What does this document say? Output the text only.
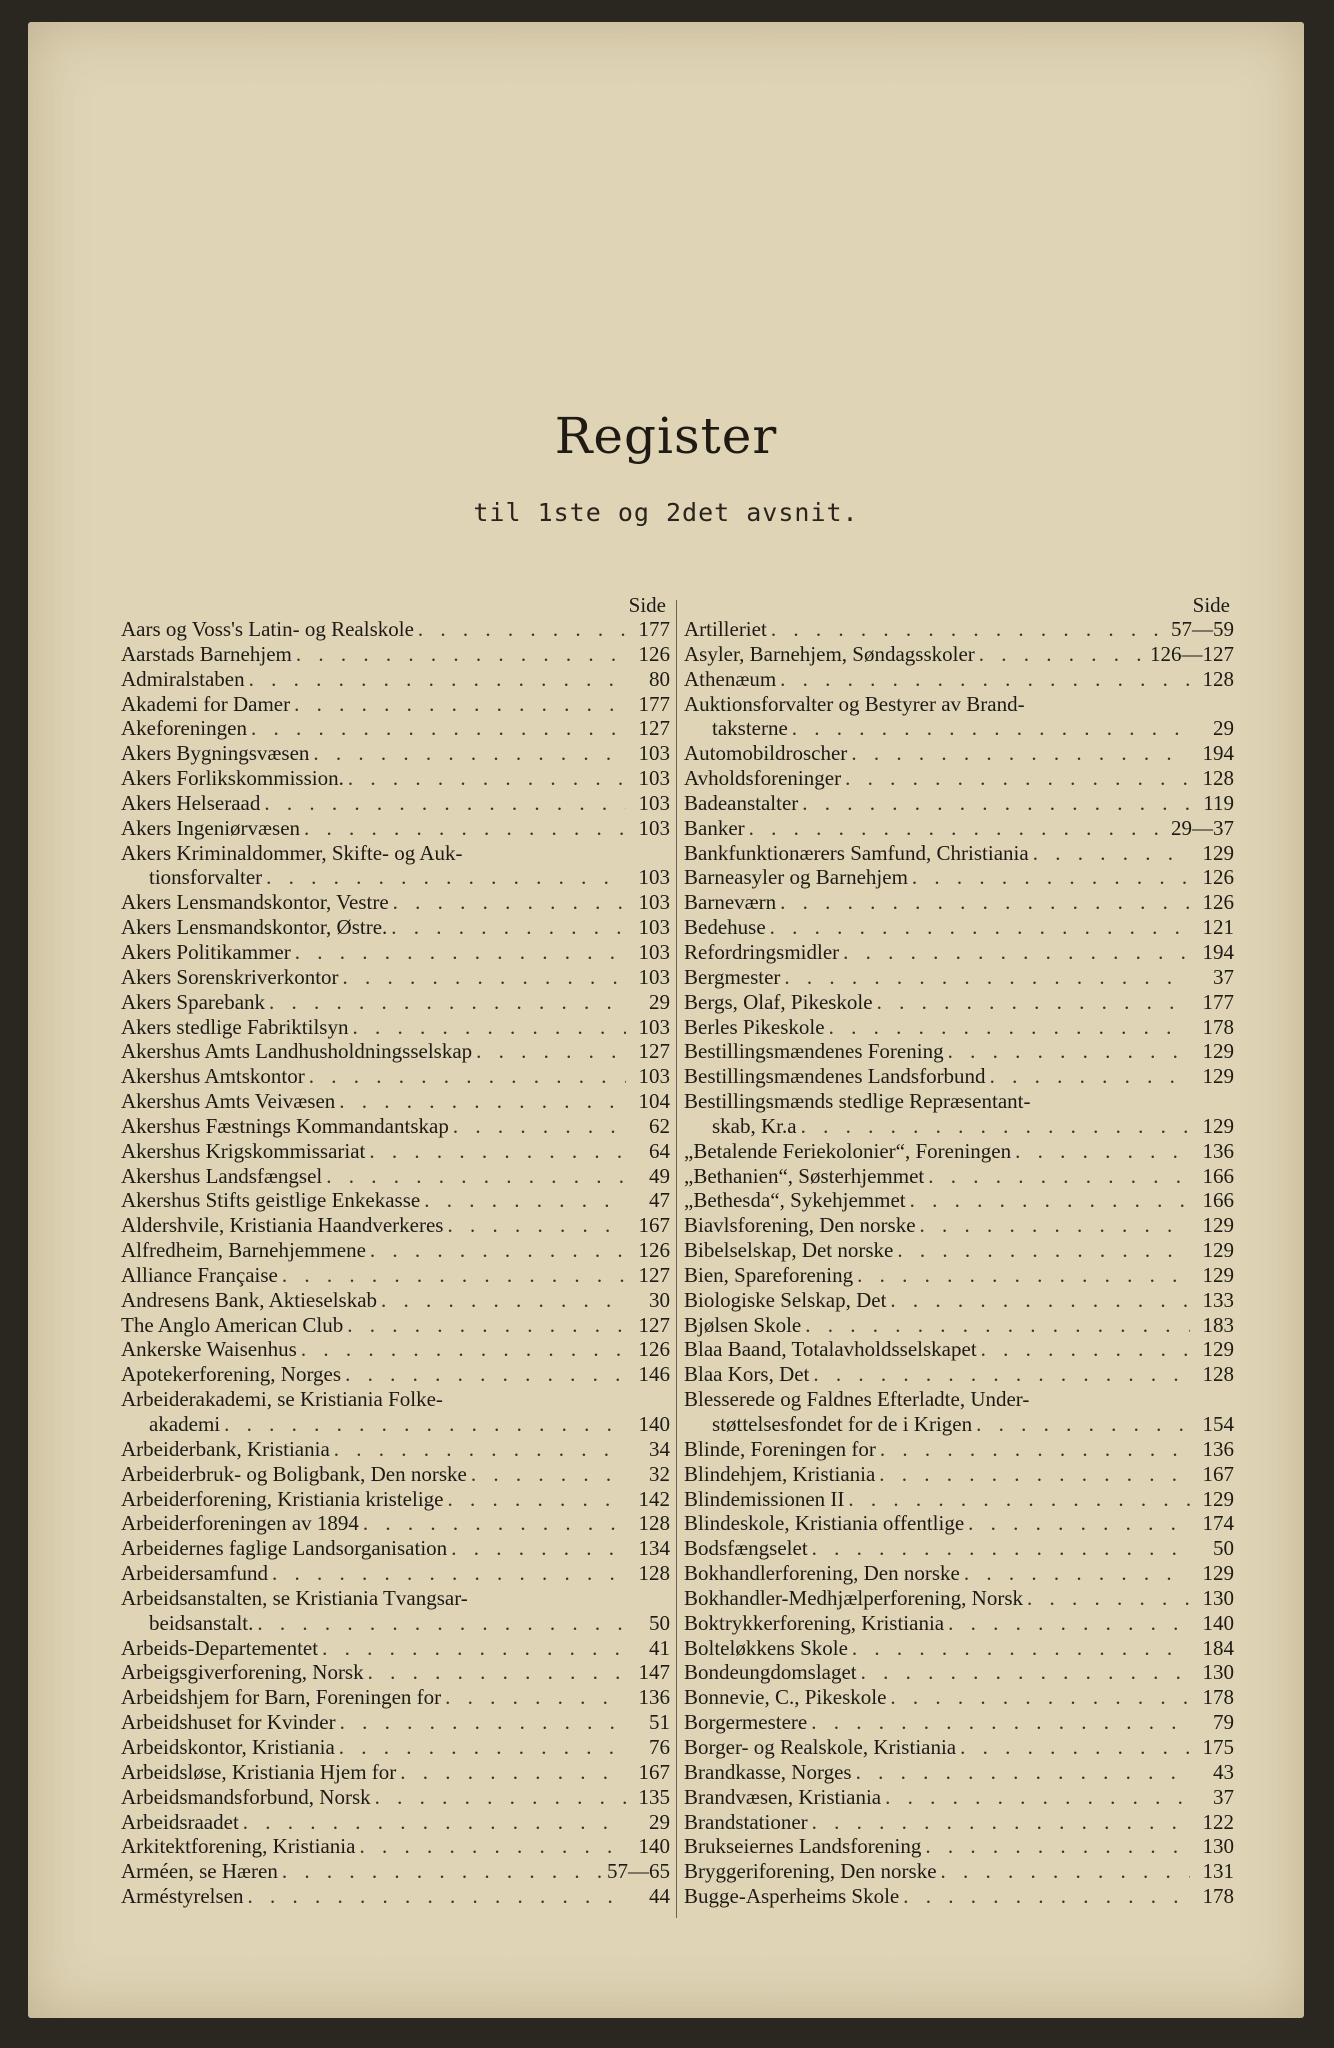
Register
til 1ste og 2det avsnit.
Side
Aars og Voss's Latin- og Realskole . . .	177
Aarstads Barnehjem . . .	126
Admiralstaben . . .	80
Akademi for Damer . . .	177
Akeforeningen . . .	127
Akers Bygningsvæsen . . .	103
Akers Forlikskommission. . . .	103
Akers Helseraad . . .	103
Akers Ingeniørvæsen . . .	103
Akers Kriminaldommer, Skifte- og Auk-
tionsforvalter . . .	103
Akers Lensmandskontor, Vestre . . .	103
Akers Lensmandskontor, Østre. . . .	103
Akers Politikammer . . .	103
Akers Sorenskriverkontor . . .	103
Akers Sparebank . . .	29
Akers stedlige Fabriktilsyn . . .	103
Akershus Amts Landhusholdningsselskap . . .	127
Akershus Amtskontor . . .	103
Akershus Amts Veivæsen . . .	104
Akershus Fæstnings Kommandantskap . . .	62
Akershus Krigskommissariat . . .	64
Akershus Landsfængsel . . .	49
Akershus Stifts geistlige Enkekasse . . .	47
Aldershvile, Kristiania Haandverkeres . . .	167
Alfredheim, Barnehjemmene . . .	126
Alliance Française . . .	127
Andresens Bank, Aktieselskab . . .	30
The Anglo American Club . . .	127
Ankerske Waisenhus . . .	126
Apotekerforening, Norges . . .	146
Arbeiderakademi, se Kristiania Folke-
akademi . . .	140
Arbeiderbank, Kristiania . . .	34
Arbeiderbruk- og Boligbank, Den norske . . .	32
Arbeiderforening, Kristiania kristelige . . .	142
Arbeiderforeningen av 1894 . . .	128
Arbeidernes faglige Landsorganisation . . .	134
Arbeidersamfund . . .	128
Arbeidsanstalten, se Kristiania Tvangsar-
beidsanstalt. . . .	50
Arbeids-Departementet . . .	41
Arbeigsgiverforening, Norsk . . .	147
Arbeidshjem for Barn, Foreningen for . . .	136
Arbeidshuset for Kvinder . . .	51
Arbeidskontor, Kristiania . . .	76
Arbeidsløse, Kristiania Hjem for . . .	167
Arbeidsmandsforbund, Norsk . . .	135
Arbeidsraadet . . .	29
Arkitektforening, Kristiania . . .	140
Arméen, se Hæren . . .	57—65
Arméstyrelsen . . .	44
Side
Artilleriet . . .	57—59
Asyler, Barnehjem, Søndagsskoler . . .	126—127
Athenæum . . .	128
Auktionsforvalter og Bestyrer av Brand-
taksterne . . .	29
Automobildroscher . . .	194
Avholdsforeninger . . .	128
Badeanstalter . . .	119
Banker . . .	29—37
Bankfunktionærers Samfund, Christiania . . .	129
Barneasyler og Barnehjem . . .	126
Barneværn . . .	126
Bedehuse . . .	121
Refordringsmidler . . .	194
Bergmester . . .	37
Bergs, Olaf, Pikeskole . . .	177
Berles Pikeskole . . .	178
Bestillingsmændenes Forening . . .	129
Bestillingsmændenes Landsforbund . . .	129
Bestillingsmænds stedlige Repræsentant-
skab, Kr.a . . .	129
„Betalende Feriekolonier“, Foreningen . . .	136
„Bethanien“, Søsterhjemmet . . .	166
„Bethesda“, Sykehjemmet . . .	166
Biavlsforening, Den norske . . .	129
Bibelselskap, Det norske . . .	129
Bien, Spareforening . . .	129
Biologiske Selskap, Det . . .	133
Bjølsen Skole . . .	183
Blaa Baand, Totalavholdsselskapet . . .	129
Blaa Kors, Det . . .	128
Blesserede og Faldnes Efterladte, Under-
støttelsesfondet for de i Krigen . . .	154
Blinde, Foreningen for . . .	136
Blindehjem, Kristiania . . .	167
Blindemissionen II . . .	129
Blindeskole, Kristiania offentlige . . .	174
Bodsfængselet . . .	50
Bokhandlerforening, Den norske . . .	129
Bokhandler-Medhjælperforening, Norsk . . .	130
Boktrykkerforening, Kristiania . . .	140
Bolteløkkens Skole . . .	184
Bondeungdomslaget . . .	130
Bonnevie, C., Pikeskole . . .	178
Borgermestere . . .	79
Borger- og Realskole, Kristiania . . .	175
Brandkasse, Norges . . .	43
Brandvæsen, Kristiania . . .	37
Brandstationer . . .	122
Brukseiernes Landsforening . . .	130
Bryggeriforening, Den norske . . .	131
Bugge-Asperheims Skole . . .	178
